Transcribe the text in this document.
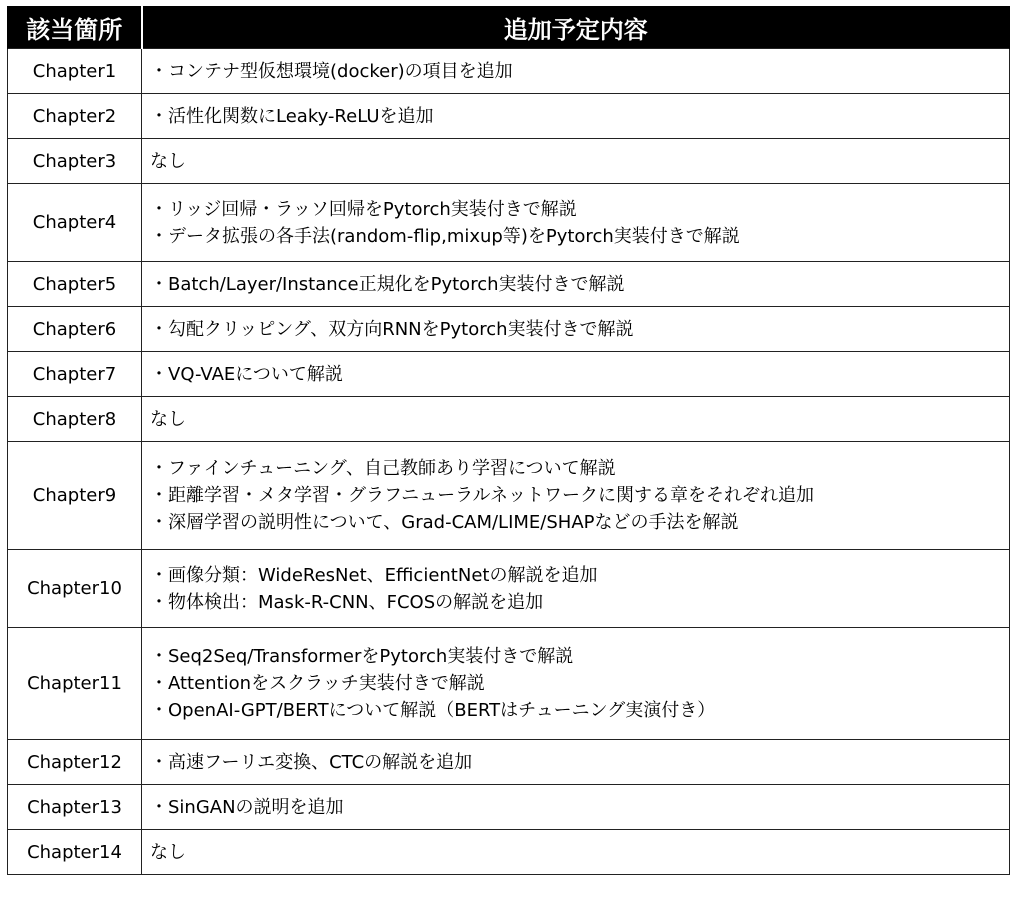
該当箇所	追加予定内容
Chapter1	・コンテナ型仮想環境(docker)の項目を追加

Chapter2	・活性化関数にLeaky-ReLUを追加

Chapter3	なし

Chapter4	・リッジ回帰・ラッソ回帰をPytorch実装付きで解説
・データ拡張の各手法(random-flip,mixup等)をPytorch実装付きで解説

Chapter5	・Batch/Layer/Instance正規化をPytorch実装付きで解説

Chapter6	・勾配クリッピング、双方向RNNをPytorch実装付きで解説

Chapter7	・VQ-VAEについて解説

Chapter8	なし

Chapter9	・ファインチューニング、自己教師あり学習について解説
・距離学習・メタ学習・グラフニューラルネットワークに関する章をそれぞれ追加
・深層学習の説明性について、Grad-CAM/LIME/SHAPなどの手法を解説

Chapter10	・画像分類：WideResNet、EfficientNetの解説を追加
・物体検出：Mask-R-CNN、FCOSの解説を追加

Chapter11	・Seq2Seq/TransformerをPytorch実装付きで解説
・Attentionをスクラッチ実装付きで解説
・OpenAI-GPT/BERTについて解説（BERTはチューニング実演付き）

Chapter12	・高速フーリエ変換、CTCの解説を追加

Chapter13	・SinGANの説明を追加

Chapter14	なし
